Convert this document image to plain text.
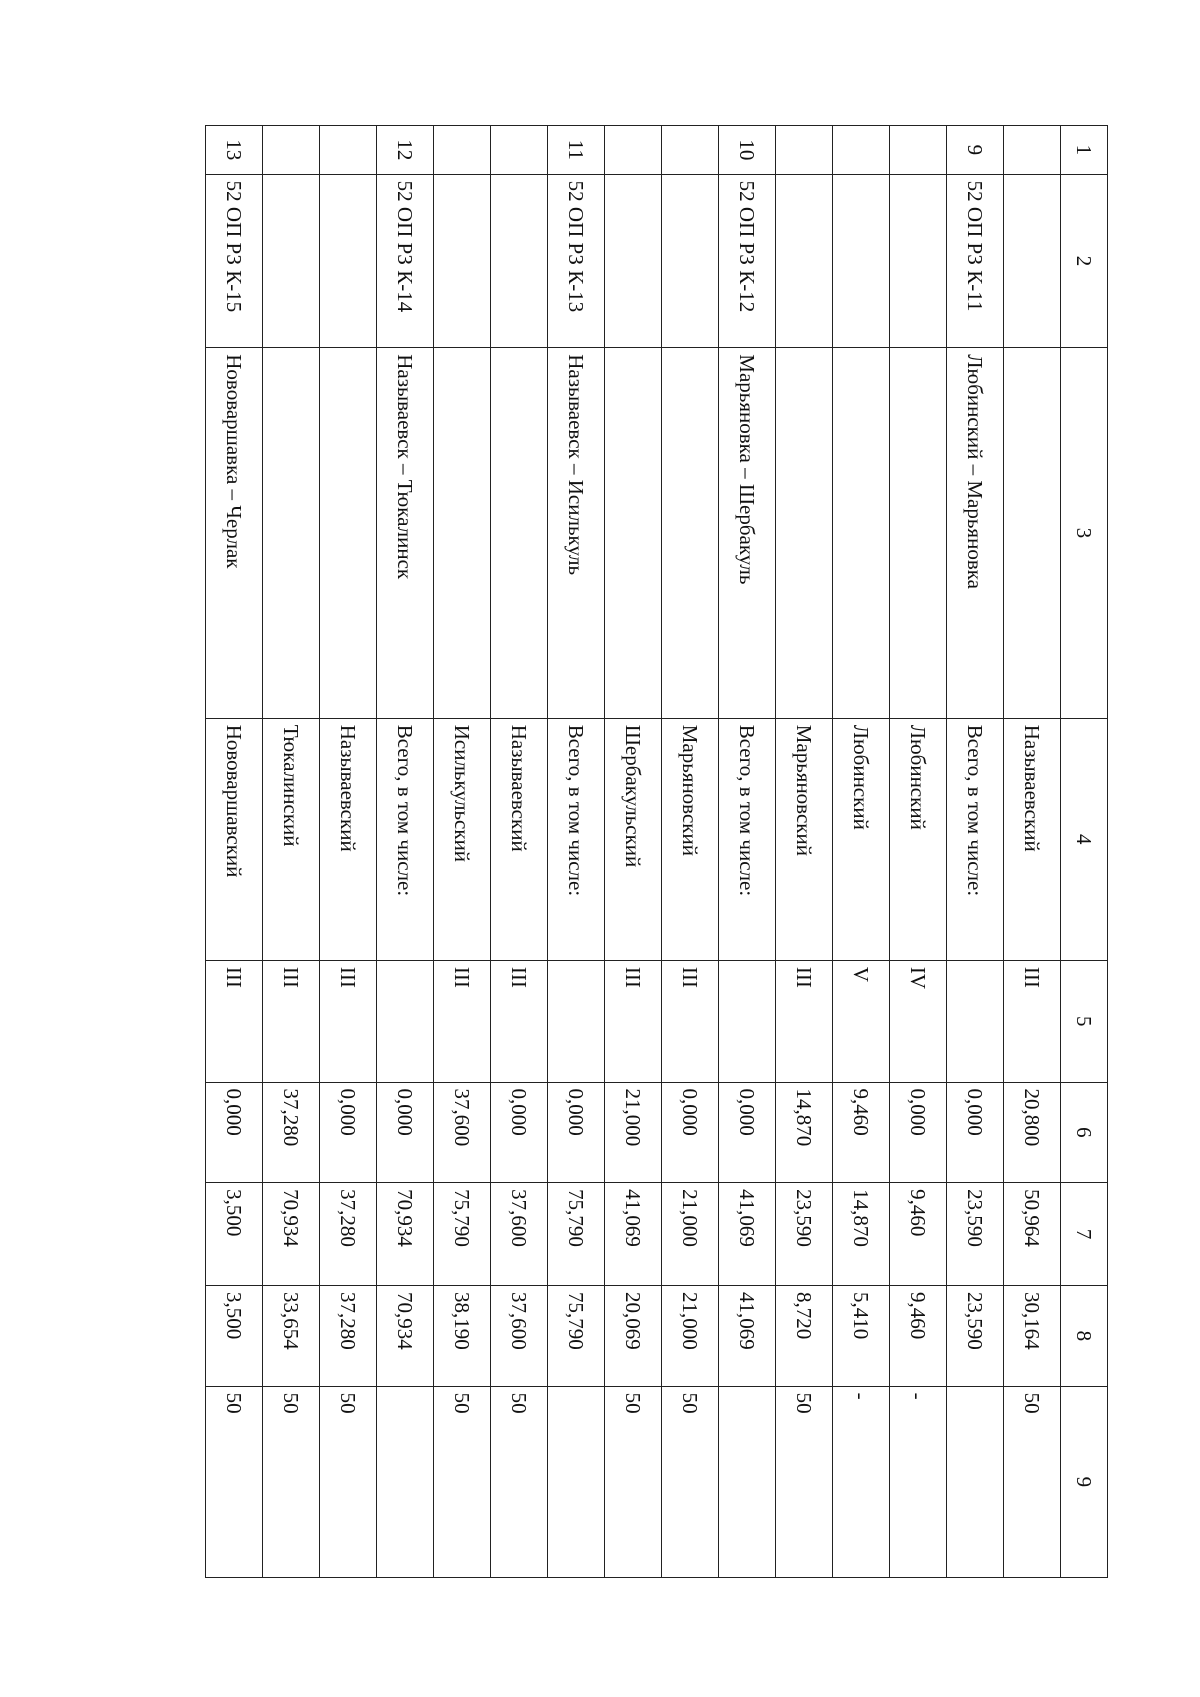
1	2	3	4	5	6	7	8	9
			Называевский	III	20,800	50,964	30,164	50
9	52 ОП РЗ К-11	Любинский – Марьяновка	Всего, в том числе:		0,000	23,590	23,590	
			Любинский	IV	0,000	9,460	9,460	-
			Любинский	V	9,460	14,870	5,410	-
			Марьяновский	III	14,870	23,590	8,720	50
10	52 ОП РЗ К-12	Марьяновка – Шербакуль	Всего, в том числе:		0,000	41,069	41,069	
			Марьяновский	III	0,000	21,000	21,000	50
			Шербакульский	III	21,000	41,069	20,069	50
11	52 ОП РЗ К-13	Называевск – Исилькуль	Всего, в том числе:		0,000	75,790	75,790	
			Называевский	III	0,000	37,600	37,600	50
			Исилькульский	III	37,600	75,790	38,190	50
12	52 ОП РЗ К-14	Называевск – Тюкалинск	Всего, в том числе:		0,000	70,934	70,934	
			Называевский	III	0,000	37,280	37,280	50
			Тюкалинский	III	37,280	70,934	33,654	50
13	52 ОП РЗ К-15	Нововаршавка – Черлак	Нововаршавский	III	0,000	3,500	3,500	50
